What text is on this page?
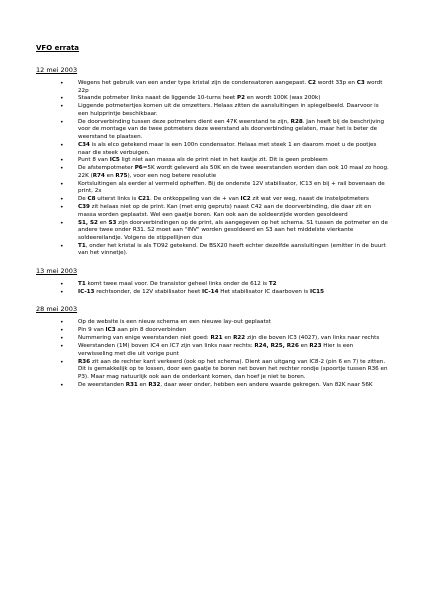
VFO errata
12 mei 2003
• Wegens het gebruik van een ander type kristal zijn de condensatoren aangepast. C2 wordt 33p en C3 wordt 22p
• Staande potmeter links naast de liggende 10-turns heet P2 en wordt 100K (was 200k)
• Liggende potmetertjes komen uit de omzetters. Helaas zitten de aansluitingen in spiegelbeeld. Daarvoor is een hulpprintje beschikbaar.
• De doorverbinding tussen deze potmeters dient een 47K weerstand te zijn, R28. Jan heeft bij de beschrijving voor de montage van de twee potmeters deze weerstand als doorverbinding gelaten, maar het is beter de weerstand te plaatsen.
• C34 is als elco getekend maar is een 100n condensator. Helaas met steek 1 en daarom moet u de pootjes naar die steek verbuigen.
• Punt 8 van IC5 ligt niet aan massa als de print niet in het kastje zit. Dit is geen probleem
• De afstempotmeter P6=5K wordt geleverd als 50K en de twee weerstanden worden dan ook 10 maal zo hoog. 22K (R74 en R75), voor een nog betere resolutie
• Kortsluitingen als eerder al vermeld opheffen. Bij de onderste 12V stabilisator, IC13 en bij + rail bovenaan de print, 2x
• De C8 uiterst links is C21. De ontkoppeling van de + van IC2 zit wat ver weg, naast de instelpotmeters
• C39 zit helaas niet op de print. Kan (met enig gepruts) naast C42 aan de doorverbinding, die daar zit en massa worden geplaatst. Wel een gaatje boren. Kan ook aan de soldeerzijde worden gesoldeerd
• S1, S2 en S3 zijn doorverbindingen op de print, als aangegeven op het schema. S1 tussen de potmeter en de andere twee onder R31. S2 moet aan "INV" worden gesoldeerd en S3 aan het middelste vierkante soldeereilandje. Volgens de stippellijnen dus
• T1, onder het kristal is als TO92 getekend. De BSX20 heeft echter dezelfde aansluitingen (emitter in de buurt van het vinnetje).
13 mei 2003
• T1 komt twee maal voor. De transistor geheel links onder de 612 is T2
• IC-13 rechtsonder, de 12V stabilisator heet IC-14 Het stabilisator IC daarboven is IC15
28 mei 2003
• Op de website is een nieuw schema en een nieuwe lay-out geplaatst
• Pin 9 van IC3 aan pin 8 doorverbinden
• Nummering van enige weerstanden niet goed: R21 en R22 zijn die boven IC3 (4027), van links naar rechts
• Weerstanden (1M) boven IC4 en IC7 zijn van links naar rechts: R24, R25, R26 en R23 Hier is een verwisseling met die uit vorige punt
• R36 zit aan de rechter kant verkeerd (ook op het schema). Dient aan uitgang van IC8-2 (pin 6 en 7) te zitten. Dit is gemakkelijk op te lossen, door een gaatje te boren net boven het rechter rondje (spoortje tussen R36 en P3). Maar mag natuurlijk ook aan de onderkant komen, dan hoef je niet te boren.
• De weerstanden R31 en R32, daar weer onder, hebben een andere waarde gekregen. Van 82K naar 56K
